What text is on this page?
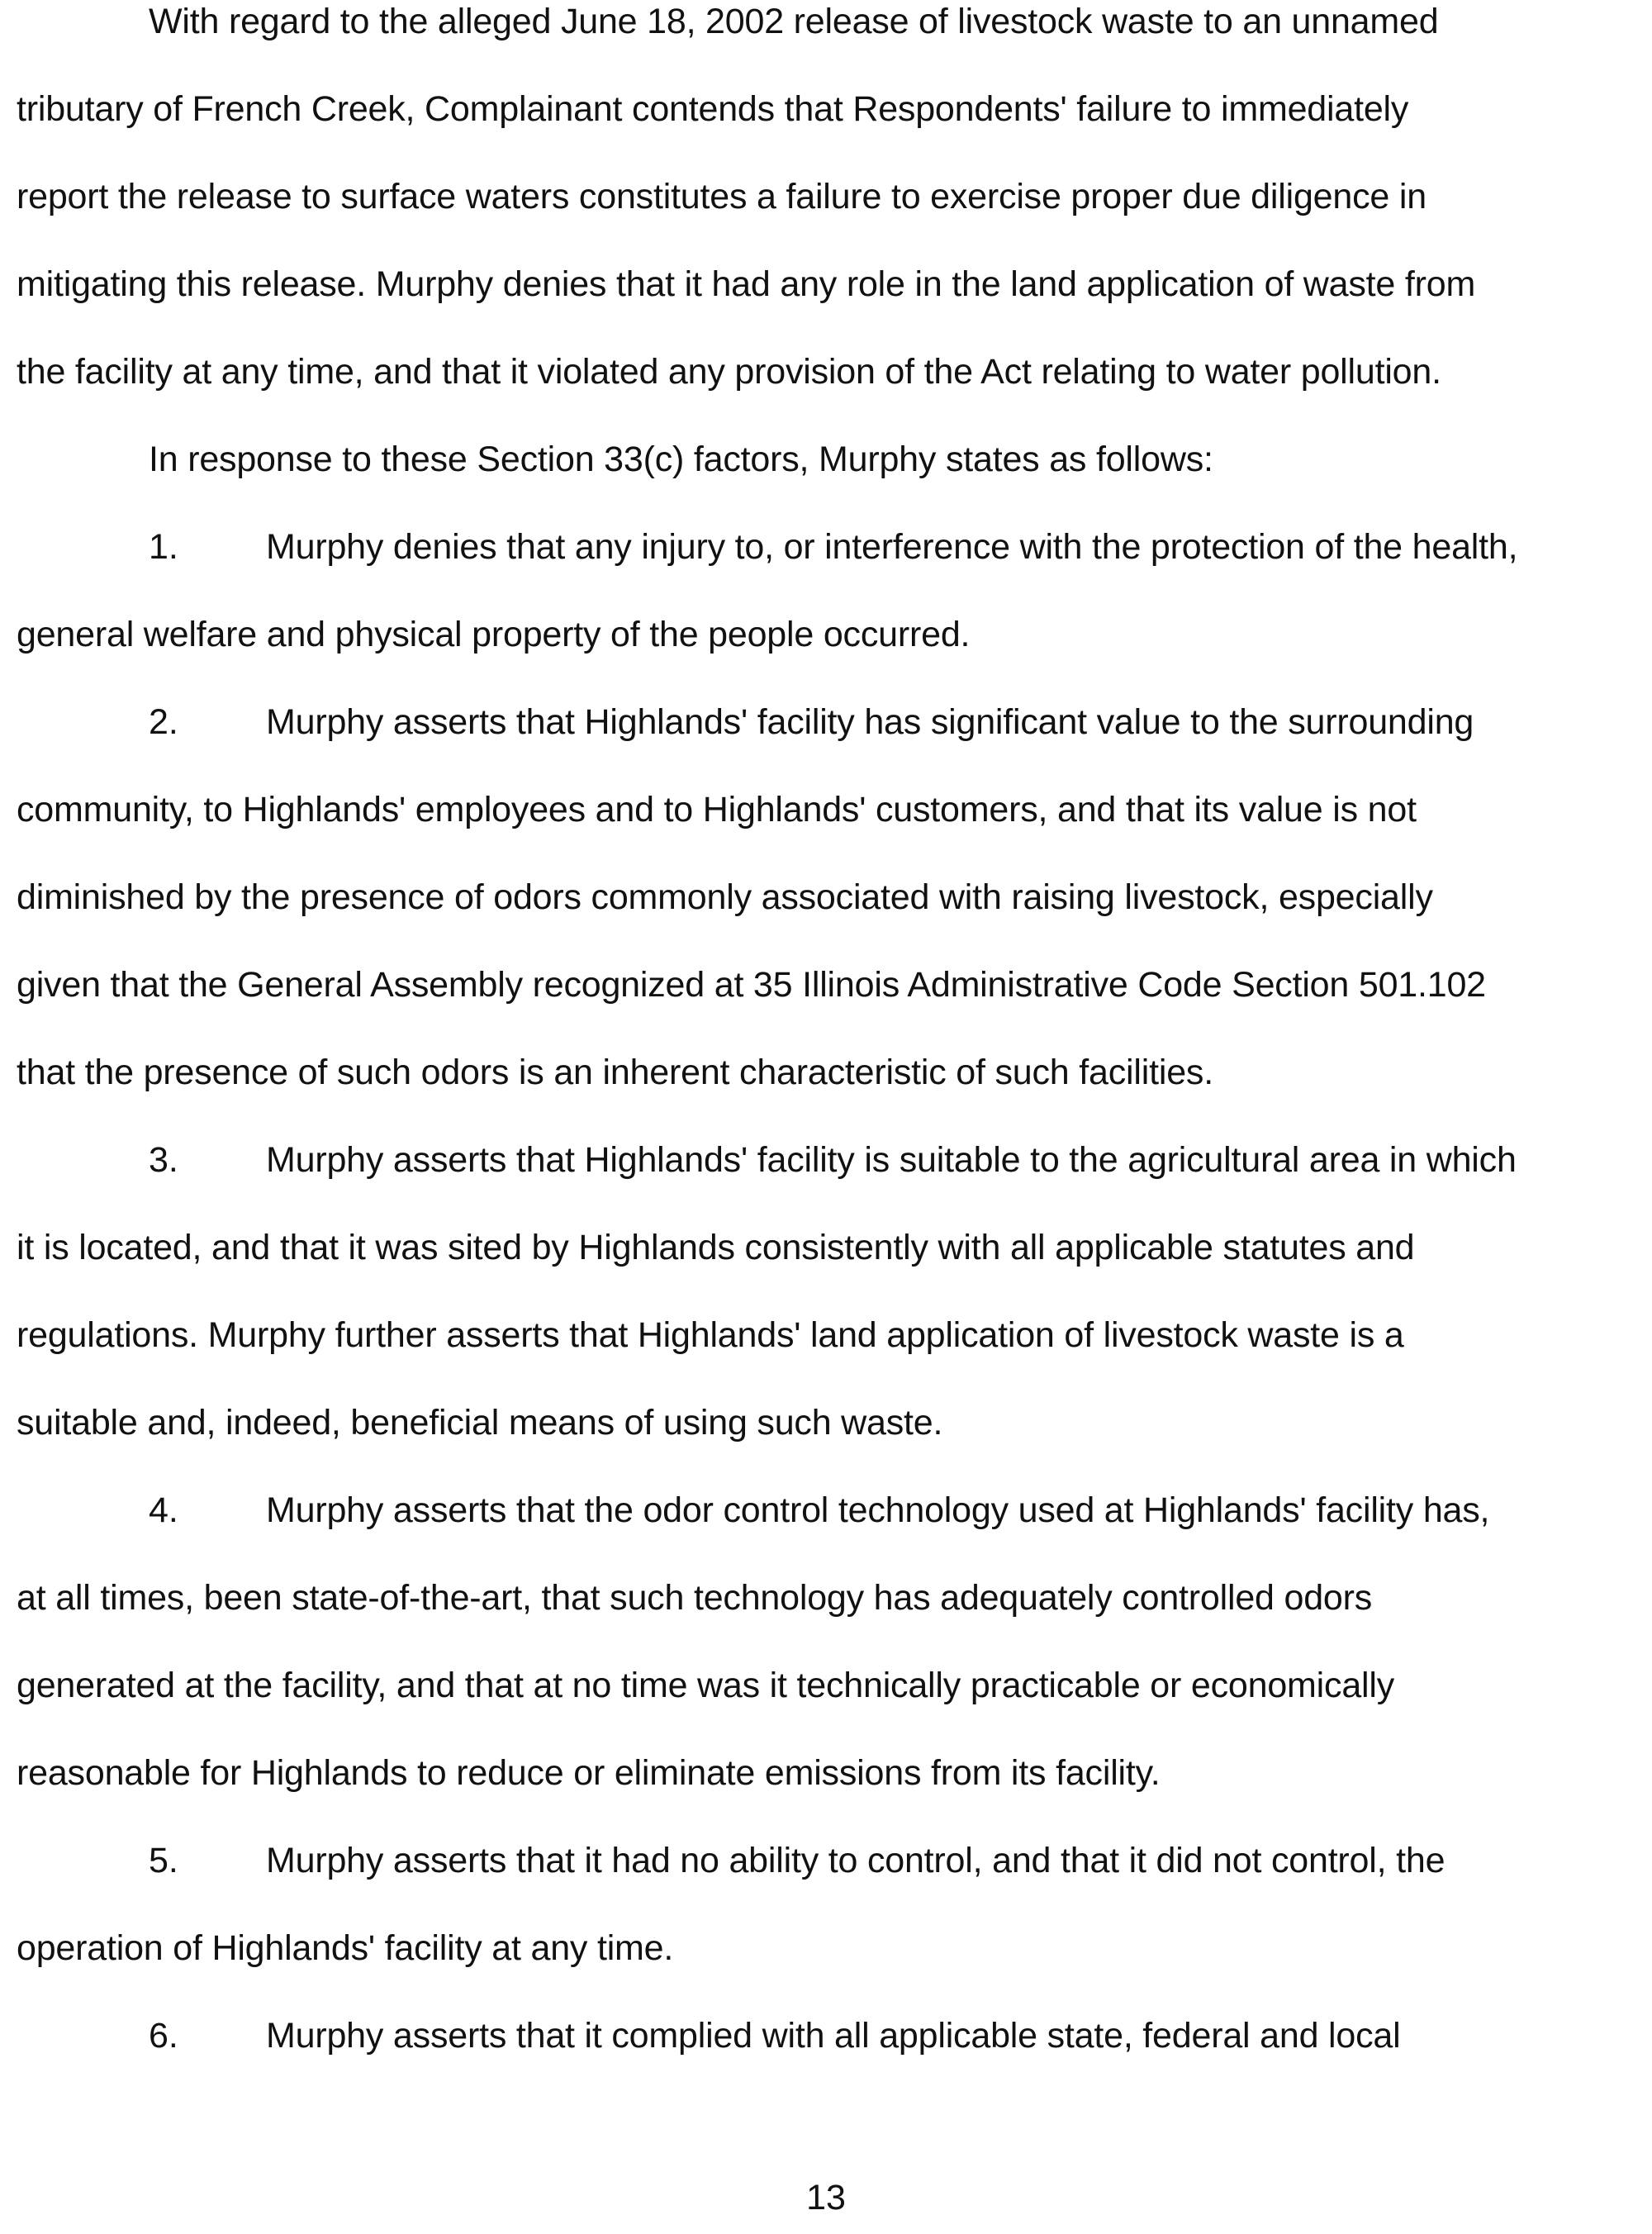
With regard to the alleged June 18, 2002 release of livestock waste to an unnamed

tributary of French Creek, Complainant contends that Respondents' failure to immediately

report the release to surface waters constitutes a failure to exercise proper due diligence in

mitigating this release. Murphy denies that it had any role in the land application of waste from

the facility at any time, and that it violated any provision of the Act relating to water pollution.

In response to these Section 33(c) factors, Murphy states as follows:

1. Murphy denies that any injury to, or interference with the protection of the health,

general welfare and physical property of the people occurred.

2. Murphy asserts that Highlands' facility has significant value to the surrounding

community, to Highlands' employees and to Highlands' customers, and that its value is not

diminished by the presence of odors commonly associated with raising livestock, especially

given that the General Assembly recognized at 35 Illinois Administrative Code Section 501.102

that the presence of such odors is an inherent characteristic of such facilities.

3. Murphy asserts that Highlands' facility is suitable to the agricultural area in which

it is located, and that it was sited by Highlands consistently with all applicable statutes and

regulations. Murphy further asserts that Highlands' land application of livestock waste is a

suitable and, indeed, beneficial means of using such waste.

4. Murphy asserts that the odor control technology used at Highlands' facility has,

at all times, been state-of-the-art, that such technology has adequately controlled odors

generated at the facility, and that at no time was it technically practicable or economically

reasonable for Highlands to reduce or eliminate emissions from its facility.

5. Murphy asserts that it had no ability to control, and that it did not control, the

operation of Highlands' facility at any time.

6. Murphy asserts that it complied with all applicable state, federal and local

13
